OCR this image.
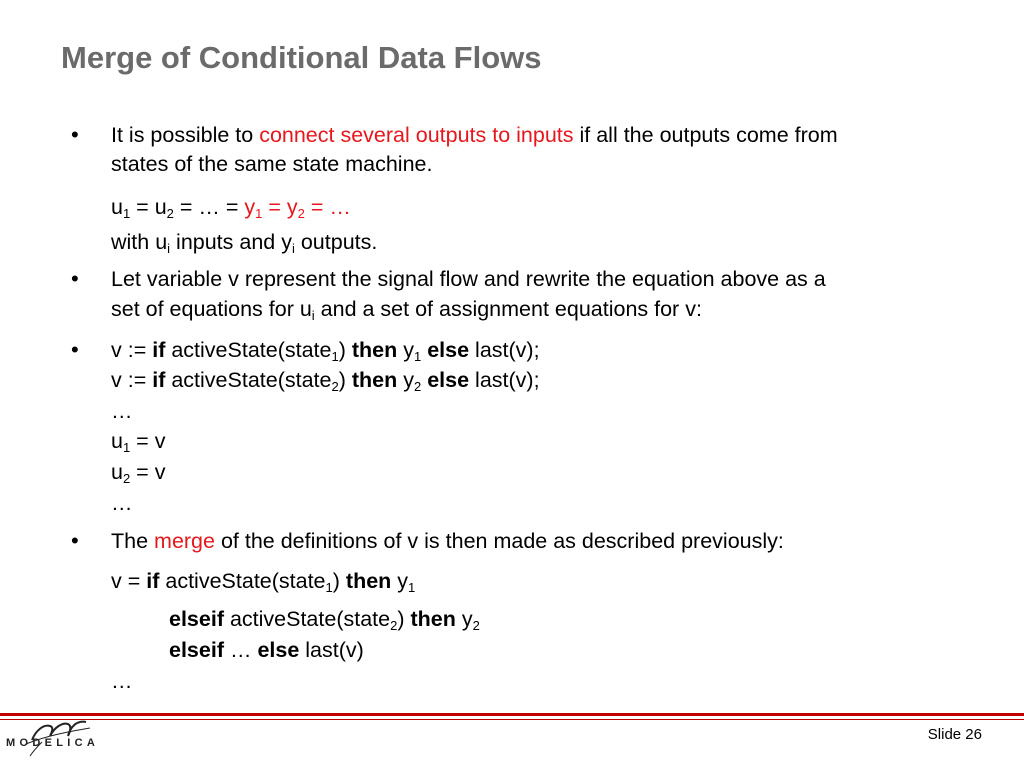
Merge of Conditional Data Flows
• It is possible to connect several outputs to inputs if all the outputs come from
states of the same state machine.
$u_1 = u_2$ = … = $y_1 = y_2$ = …
with $u_i$ inputs and $y_i$ outputs.
• Let variable v represent the signal flow and rewrite the equation above as a
set of equations for $u_i$ and a set of assignment equations for v:
• v := if activeState(state$_1$) then $y_1$ else last(v);
v := if activeState(state$_2$) then $y_2$ else last(v);
…
$u_1 = v$
$u_2 = v$
…
• The merge of the definitions of v is then made as described previously:
v = if activeState(state$_1$) then $y_1$
elseif activeState(state$_2$) then $y_2$
elseif … else last(v)
…
MODELICA	Slide 26
